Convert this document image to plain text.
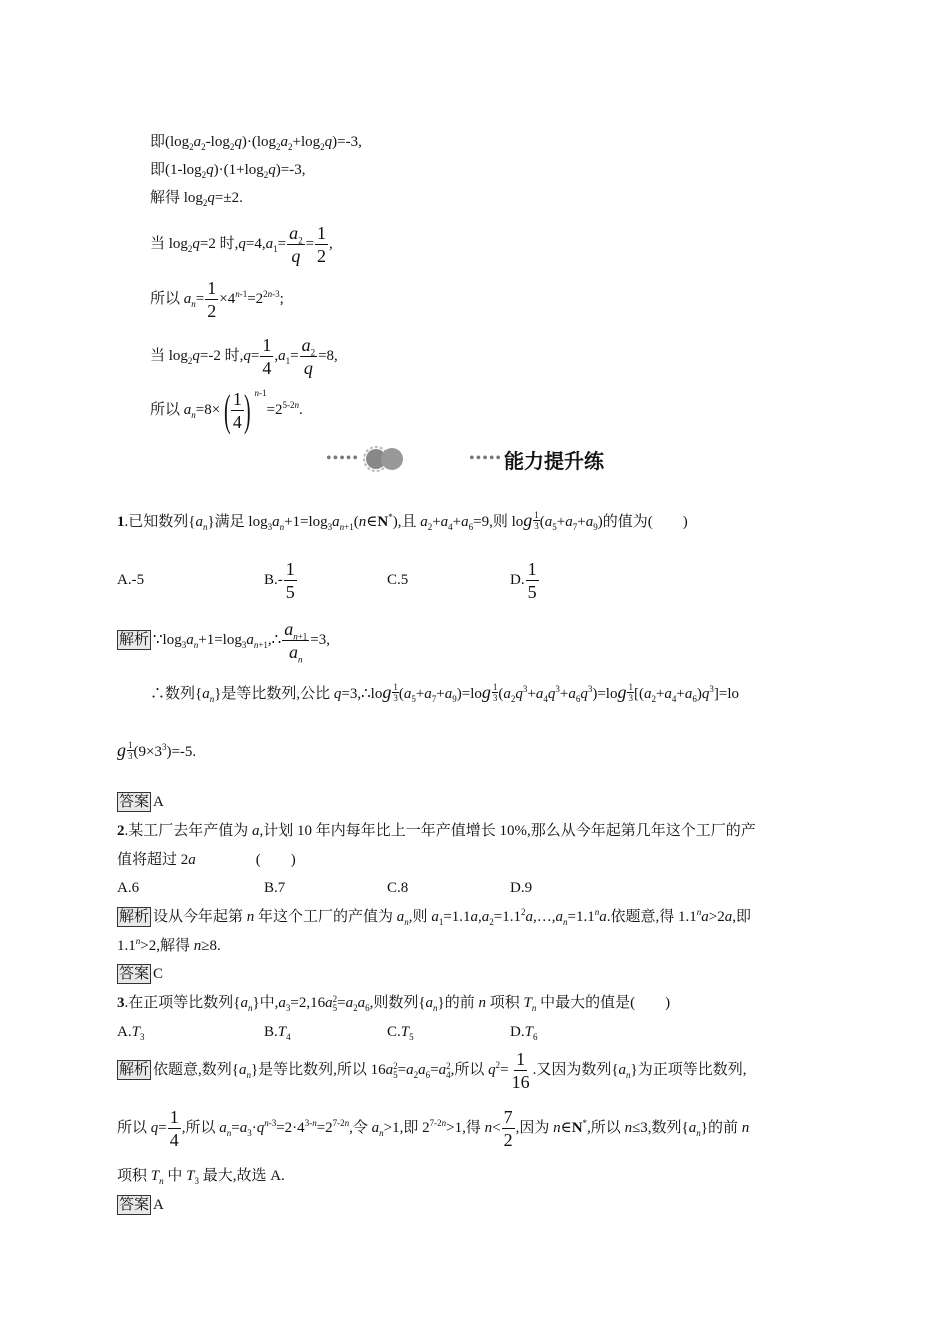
即$(\log_2a_2-\log_2q)\cdot(\log_2a_2+\log_2q)=-3$,
即$(1-\log_2q)\cdot(1+\log_2q)=-3$,
解得 $\log_2q=\pm 2$.
当 $\log_2q=2$ 时$,q=4,a_1= \frac{a_2}{q} = \frac{1}{2}$ ,
所以 $a_n= \frac{1}{2} \times 4^{n-1}=2^{2n-3}$;
当 $\log_2q=-2$ 时$,q= \frac{1}{4} ,a_1= \frac{a_2}{q} =8$,
所以 $a_n=8\times( \frac{1}{4}$ ) $^{n-1}=2^{5-2n}$.
•••••	••••• 能力提升练
1.已知数列$\{a_n\}$满足 $\log_3a_n+1=\log_3a_{n+1}(n\in N^*)$,且 $a_2+a_4+a_6=9$,则 $\log \frac{1}{3} (a_5+a_7+a_9)$的值为(　　)
A.-5	$B.- \frac{1}{5}$	C.5	D. $\frac{1}{5}$
解析 $\because\log_3a_n+1=\log_3a_{n+1},\therefore \frac{a_{n+1}}{a_n} =3$,
∴数列$\{a_n\}$是等比数列,公比 q=3,∴log $\frac{1}{3} (a_5+a_7+a_9)=\log \frac{1}{3} (a_2q^3+a_4q^3+a_6q^3)=\log \frac{1}{3} [(a_2+a_4+a_6)q^3]=lo$
g $\frac{1}{3} (9\times 3^3)=-5$.
答案 A
2.某工厂去年产值为 a,计划 10 年内每年比上一年产值增长 10%,那么从今年起第几年这个工厂的产
值将超过 2a　　　　(　　)
A.6	B.7	C.8	D.9
解析 设从今年起第 n 年这个工厂的产值为 $a_n$,则 $a_1=1.1a,a_2=1.1^2a,\dots,a_n=1.1^na$.依题意,得 $1.1^na>2a$,即
$1.1^n>2$,解得 n≥8.
答案 C
3.在正项等比数列$\{a_n\}$中$,a_3=2,16a$ 2
$5 =a_2a_6$,则数列$\{a_n\}$的前 n 项积 $T_n$ 中最大的值是(　　)
$A.T_3$	$B.T_4$	$C.T_5$	$D.T_6$
解析 依题意,数列$\{a_n\}$是等比数列,所以 16a 2
$5 =a_2a_6=a$ 2
4 ,所以 $q^2= \frac{1}{16}$ .又因为数列$\{a_n\}$为正项等比数列,
所以 $q= \frac{1}{4}$ ,所以 $a_n=a_3\cdot q^{n-3}=2\cdot 4^{3-n}=2^{7-2n}$,令 $a_n>1$,即 $2^{7-2n}>1$,得 $n< \frac{7}{2}$ ,因为 n∈N*,所以 n≤3,数列$\{a_n\}$的前 n
项积 $T_n$ 中 $T_3$ 最大,故选 A.
答案 A
